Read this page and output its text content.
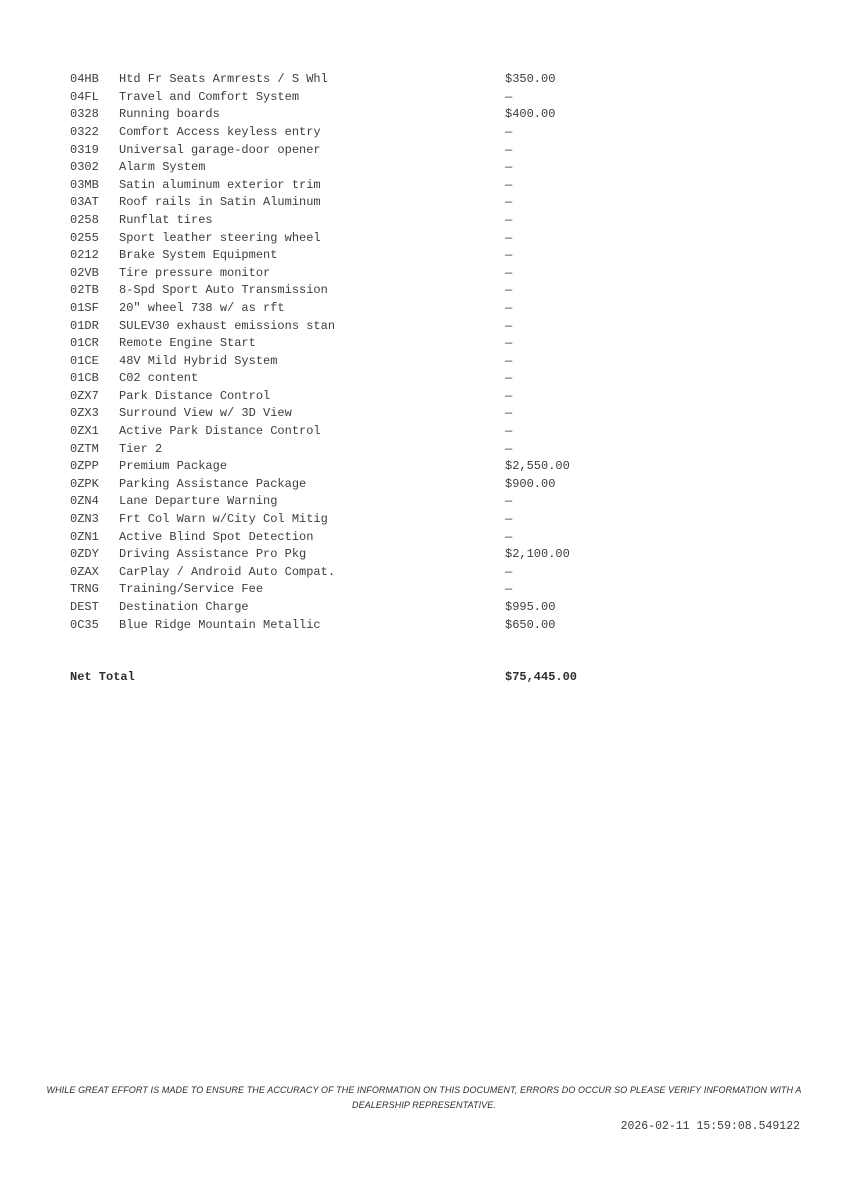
04HB	Htd Fr Seats Armrests / S Whl	$350.00
04FL	Travel and Comfort System	—
0328	Running boards	$400.00
0322	Comfort Access keyless entry	—
0319	Universal garage-door opener	—
0302	Alarm System	—
03MB	Satin aluminum exterior trim	—
03AT	Roof rails in Satin Aluminum	—
0258	Runflat tires	—
0255	Sport leather steering wheel	—
0212	Brake System Equipment	—
02VB	Tire pressure monitor	—
02TB	8-Spd Sport Auto Transmission	—
01SF	20" wheel 738 w/ as rft	—
01DR	SULEV30 exhaust emissions stan	—
01CR	Remote Engine Start	—
01CE	48V Mild Hybrid System	—
01CB	C02 content	—
0ZX7	Park Distance Control	—
0ZX3	Surround View w/ 3D View	—
0ZX1	Active Park Distance Control	—
0ZTM	Tier 2	—
0ZPP	Premium Package	$2,550.00
0ZPK	Parking Assistance Package	$900.00
0ZN4	Lane Departure Warning	—
0ZN3	Frt Col Warn w/City Col Mitig	—
0ZN1	Active Blind Spot Detection	—
0ZDY	Driving Assistance Pro Pkg	$2,100.00
0ZAX	CarPlay / Android Auto Compat.	—
TRNG	Training/Service Fee	—
DEST	Destination Charge	$995.00
0C35	Blue Ridge Mountain Metallic	$650.00

Net Total	$75,445.00

WHILE GREAT EFFORT IS MADE TO ENSURE THE ACCURACY OF THE INFORMATION ON THIS DOCUMENT, ERRORS DO OCCUR SO PLEASE VERIFY INFORMATION WITH A
DEALERSHIP REPRESENTATIVE.
2026-02-11 15:59:08.549122
